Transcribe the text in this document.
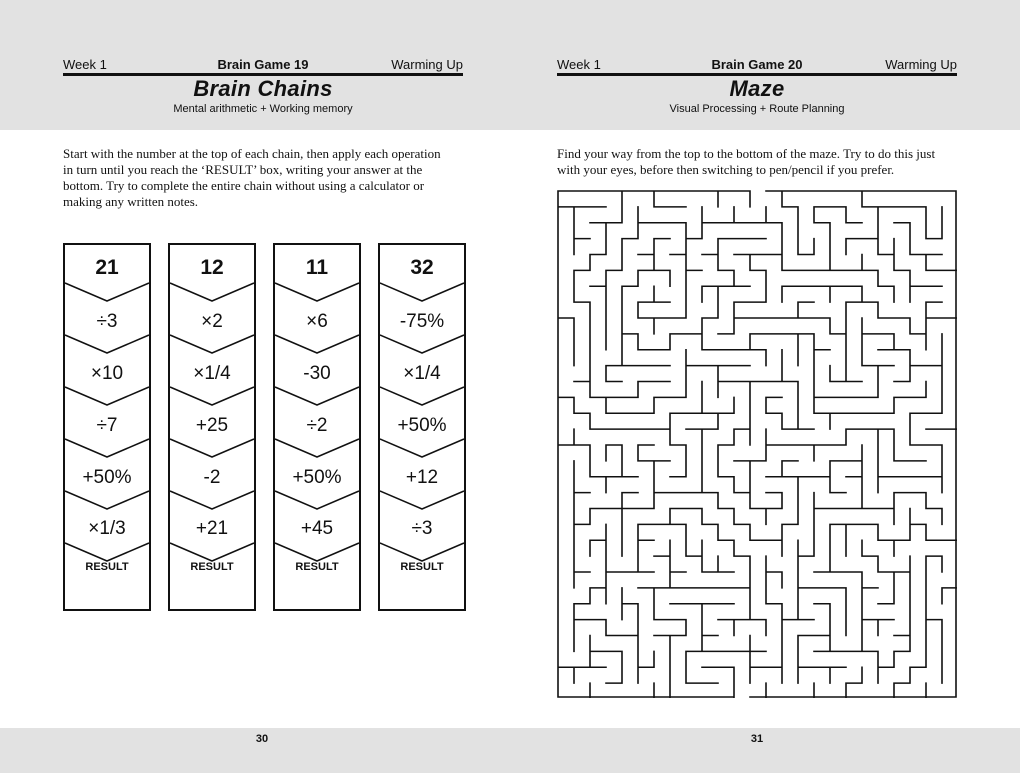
Week 1	Brain Game 19	Warming Up
Brain Chains
Mental arithmetic + Working memory
Start with the number at the top of each chain, then apply each operation
in turn until you reach the ‘RESULT’ box, writing your answer at the
bottom. Try to complete the entire chain without using a calculator or
making any written notes.
21
÷3
×10
÷7
+50%
×1/3
RESULT
12
×2
×1/4
+25
-2
+21
RESULT
11
×6
-30
÷2
+50%
+45
RESULT
32
-75%
×1/4
+50%
+12
÷3
RESULT
30
Week 1	Brain Game 20	Warming Up
Maze
Visual Processing + Route Planning
Find your way from the top to the bottom of the maze. Try to do this just
with your eyes, before then switching to pen/pencil if you prefer.
31
